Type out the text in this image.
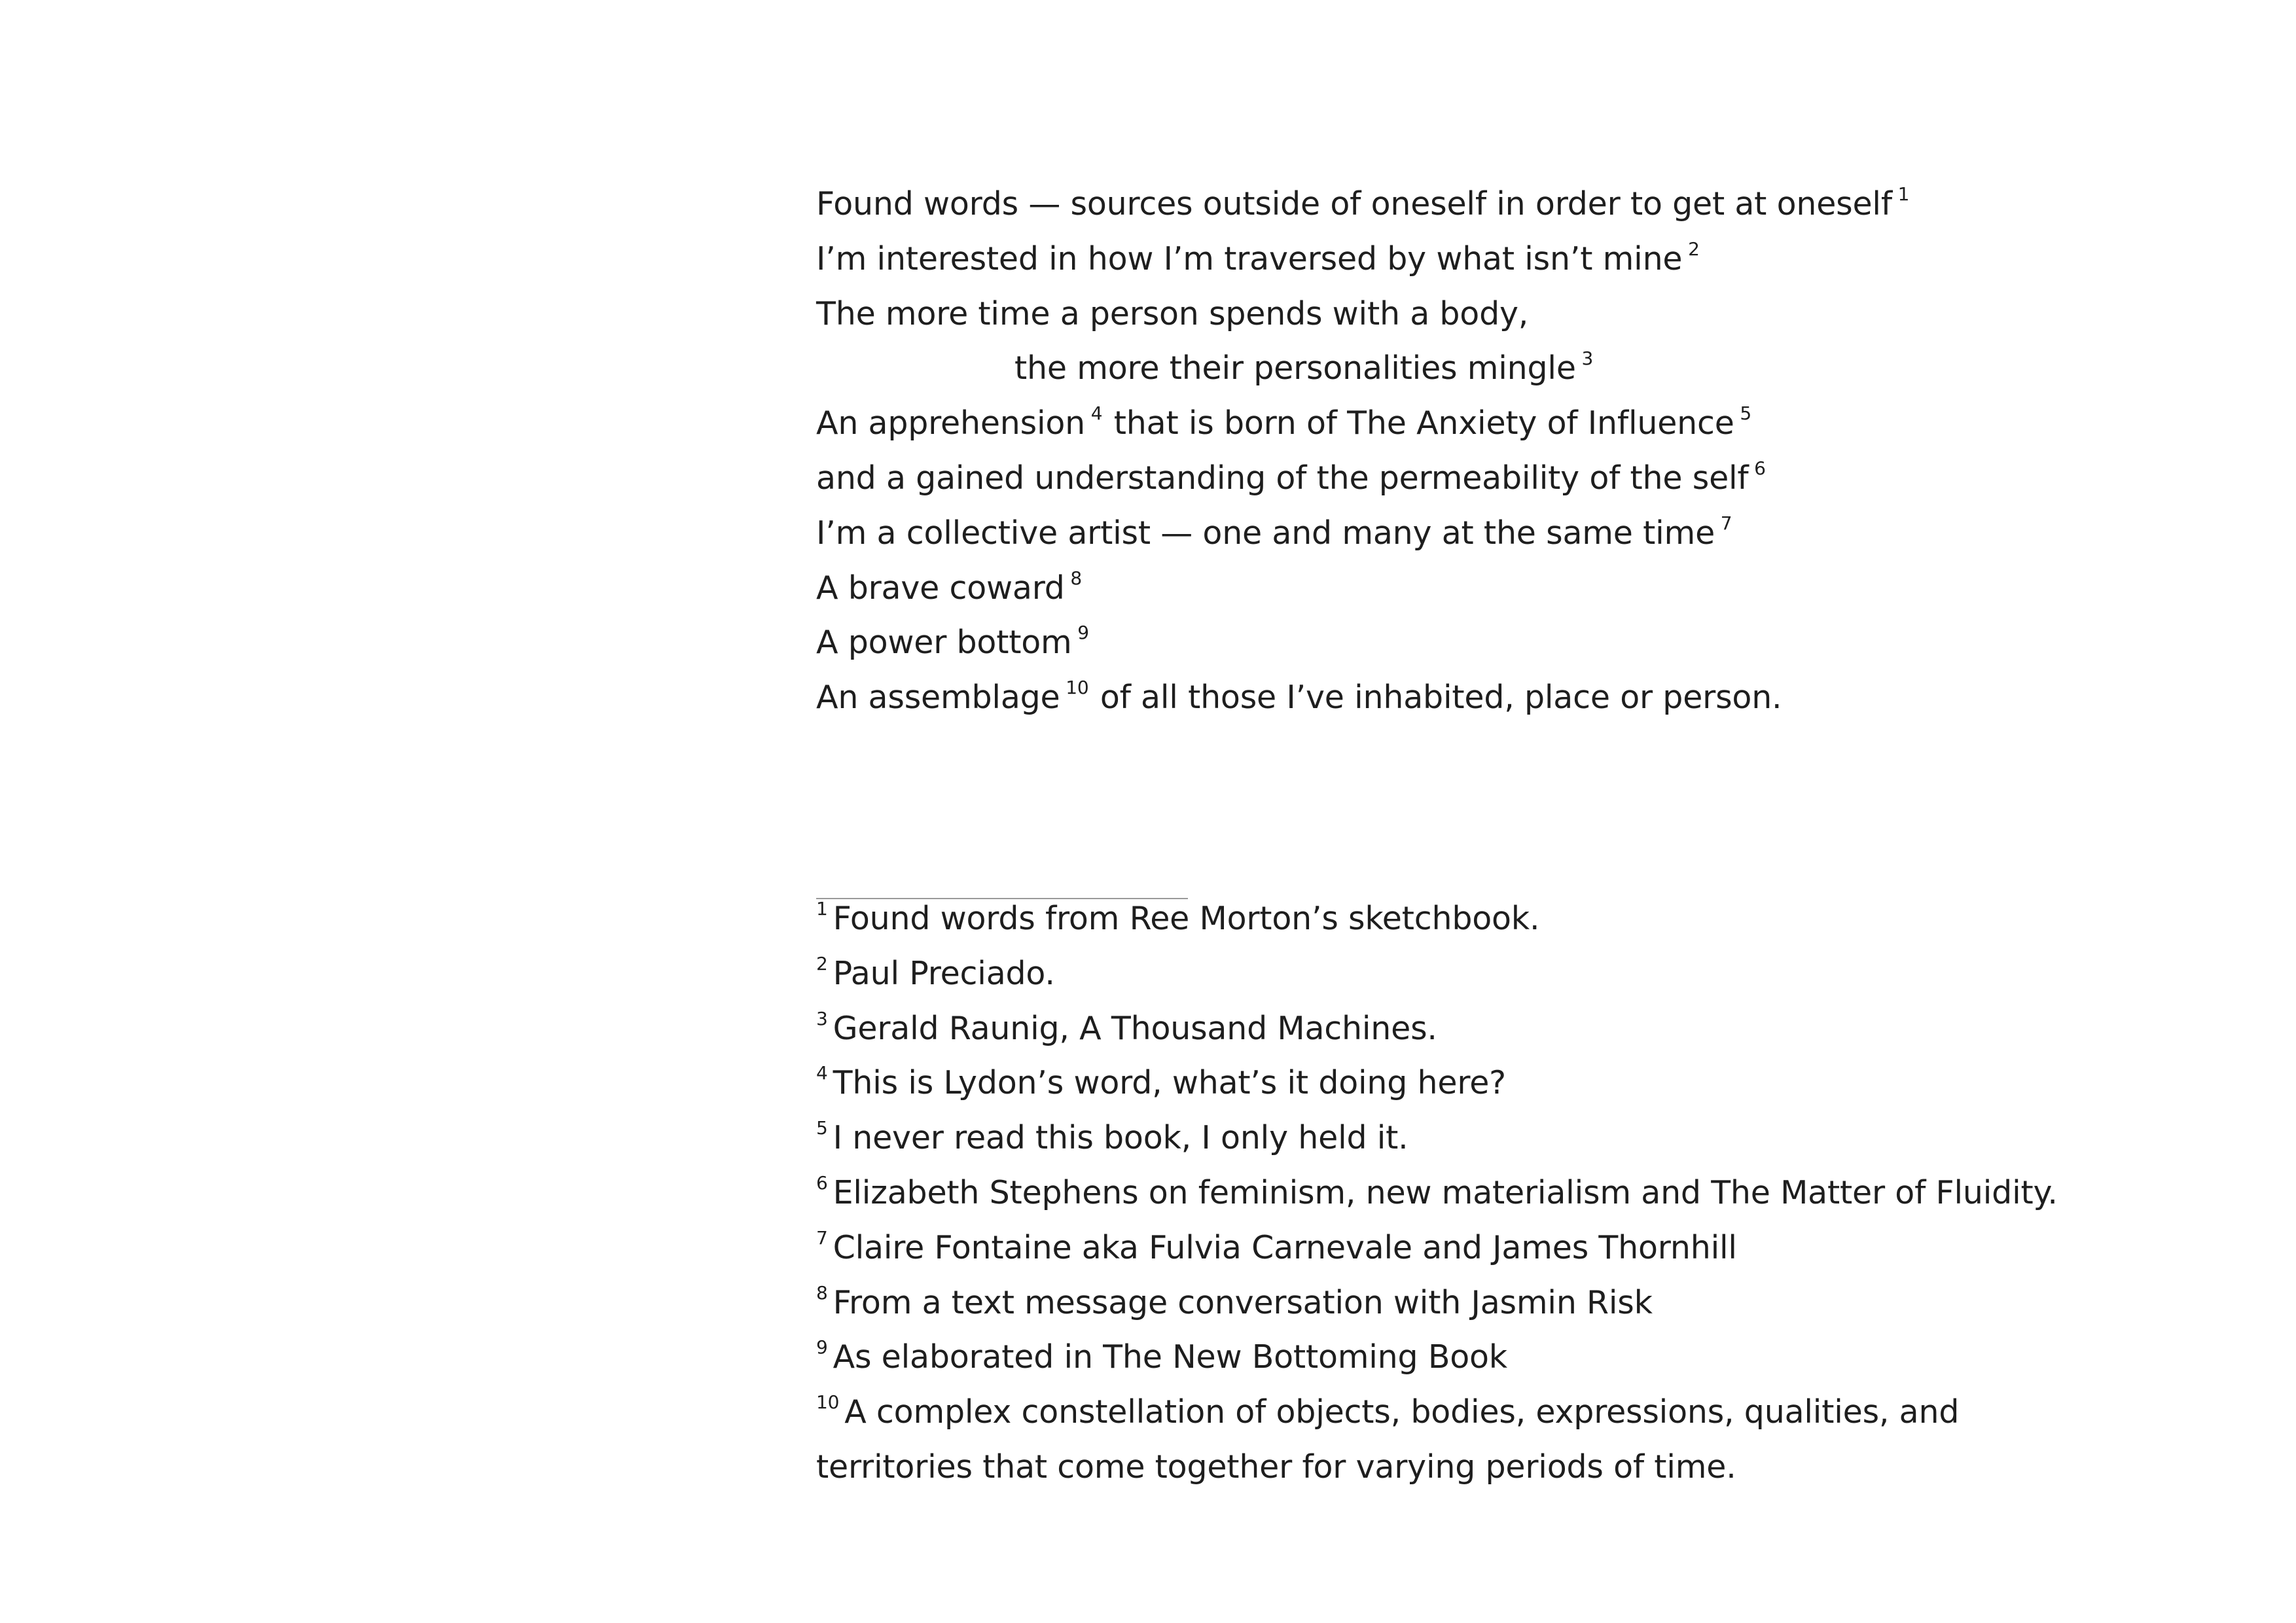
Found words — sources outside of oneself in order to get at oneself $^1$
I’m interested in how I’m traversed by what isn’t mine $^2$
The more time a person spends with a body,
the more their personalities mingle $^3$
An apprehension $^4$ that is born of The Anxiety of Influence $^5$
and a gained understanding of the permeability of the self $^6$
I’m a collective artist — one and many at the same time $^7$
A brave coward $^8$
A power bottom $^9$
An assemblage $^{10}$ of all those I’ve inhabited, place or person.
$^1$ Found words from Ree Morton’s sketchbook.
$^2$ Paul Preciado.
$^3$ Gerald Raunig, A Thousand Machines.
$^4$ This is Lydon’s word, what’s it doing here?
$^5$ I never read this book, I only held it.
$^6$ Elizabeth Stephens on feminism, new materialism and The Matter of Fluidity.
$^7$ Claire Fontaine aka Fulvia Carnevale and James Thornhill
$^8$ From a text message conversation with Jasmin Risk
$^9$ As elaborated in The New Bottoming Book
$^{10}$ A complex constellation of objects, bodies, expressions, qualities, and territories that come together for varying periods of time.
